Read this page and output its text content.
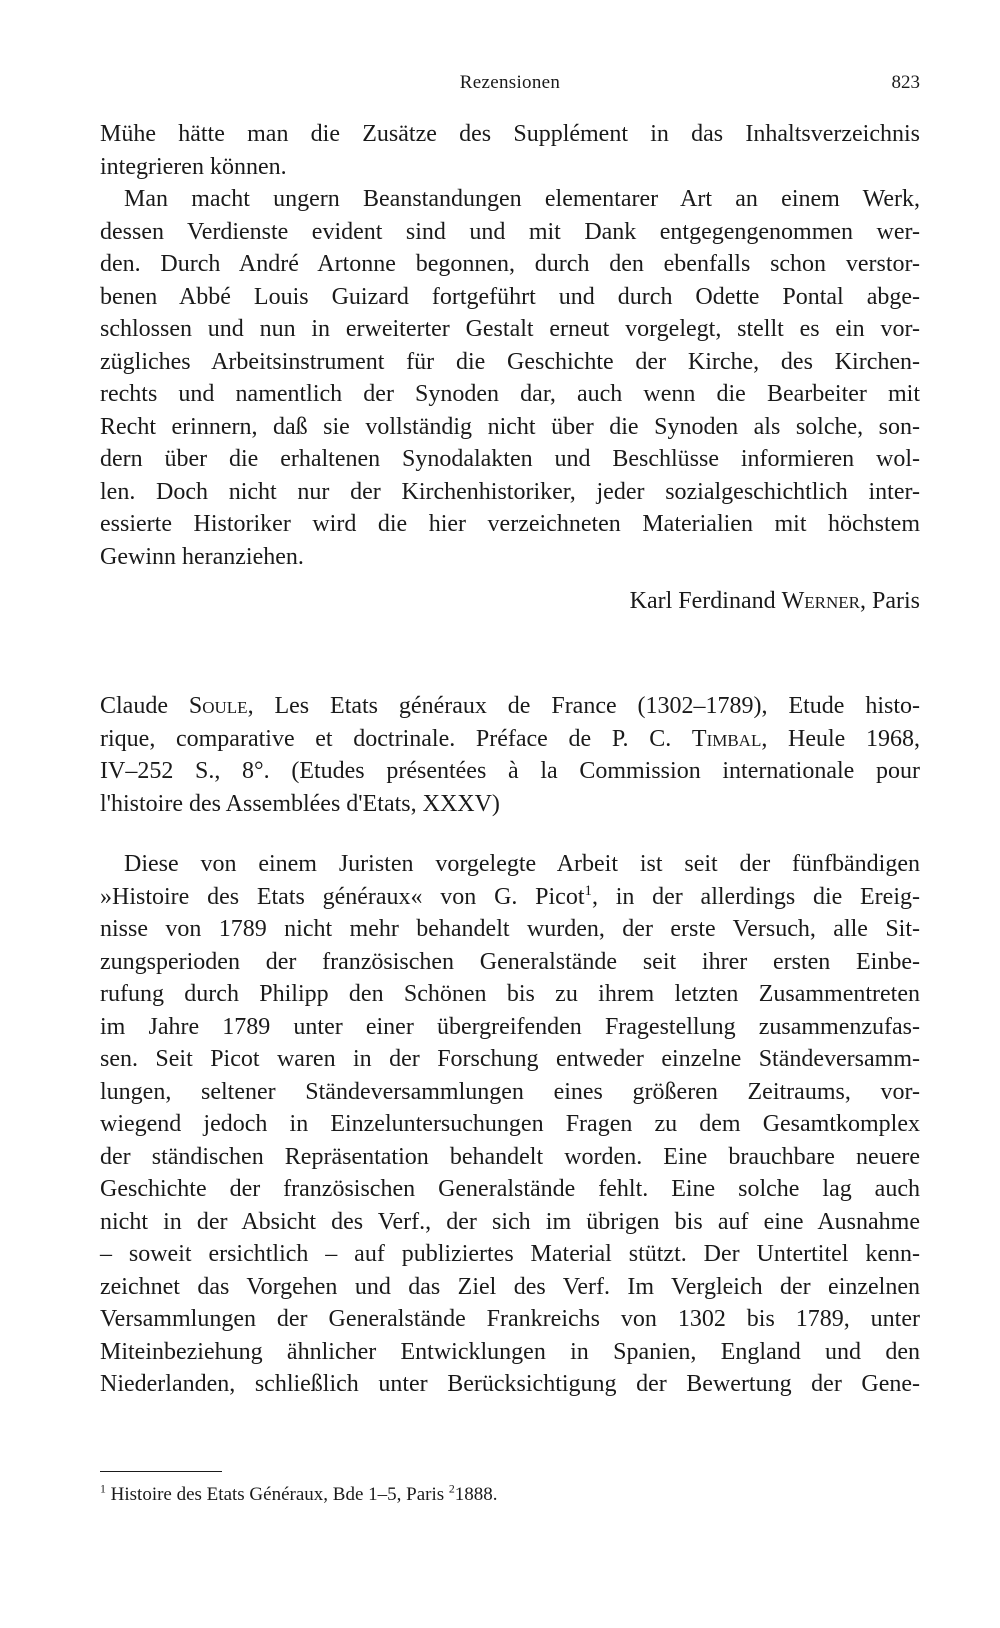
Rezensionen	823
Mühe hätte man die Zusätze des Supplément in das Inhaltsverzeichnis
integrieren können.
Man macht ungern Beanstandungen elementarer Art an einem Werk,
dessen Verdienste evident sind und mit Dank entgegengenommen wer-
den. Durch André Artonne begonnen, durch den ebenfalls schon verstor-
benen Abbé Louis Guizard fortgeführt und durch Odette Pontal abge-
schlossen und nun in erweiterter Gestalt erneut vorgelegt, stellt es ein vor-
zügliches Arbeitsinstrument für die Geschichte der Kirche, des Kirchen-
rechts und namentlich der Synoden dar, auch wenn die Bearbeiter mit
Recht erinnern, daß sie vollständig nicht über die Synoden als solche, son-
dern über die erhaltenen Synodalakten und Beschlüsse informieren wol-
len. Doch nicht nur der Kirchenhistoriker, jeder sozialgeschichtlich inter-
essierte Historiker wird die hier verzeichneten Materialien mit höchstem
Gewinn heranziehen.
Karl Ferdinand Werner, Paris
Claude Soule, Les Etats généraux de France (1302–1789), Etude histo-
rique, comparative et doctrinale. Préface de P. C. Timbal, Heule 1968,
IV–252 S., 8°. (Etudes présentées à la Commission internationale pour
l'histoire des Assemblées d'Etats, XXXV)
Diese von einem Juristen vorgelegte Arbeit ist seit der fünfbändigen
»Histoire des Etats généraux« von G. Picot$^1$, in der allerdings die Ereig-
nisse von 1789 nicht mehr behandelt wurden, der erste Versuch, alle Sit-
zungsperioden der französischen Generalstände seit ihrer ersten Einbe-
rufung durch Philipp den Schönen bis zu ihrem letzten Zusammentreten
im Jahre 1789 unter einer übergreifenden Fragestellung zusammenzufas-
sen. Seit Picot waren in der Forschung entweder einzelne Ständeversamm-
lungen, seltener Ständeversammlungen eines größeren Zeitraums, vor-
wiegend jedoch in Einzeluntersuchungen Fragen zu dem Gesamtkomplex
der ständischen Repräsentation behandelt worden. Eine brauchbare neuere
Geschichte der französischen Generalstände fehlt. Eine solche lag auch
nicht in der Absicht des Verf., der sich im übrigen bis auf eine Ausnahme
– soweit ersichtlich – auf publiziertes Material stützt. Der Untertitel kenn-
zeichnet das Vorgehen und das Ziel des Verf. Im Vergleich der einzelnen
Versammlungen der Generalstände Frankreichs von 1302 bis 1789, unter
Miteinbeziehung ähnlicher Entwicklungen in Spanien, England und den
Niederlanden, schließlich unter Berücksichtigung der Bewertung der Gene-
$^1$ Histoire des Etats Généraux, Bde 1–5, Paris $^2$1888.
